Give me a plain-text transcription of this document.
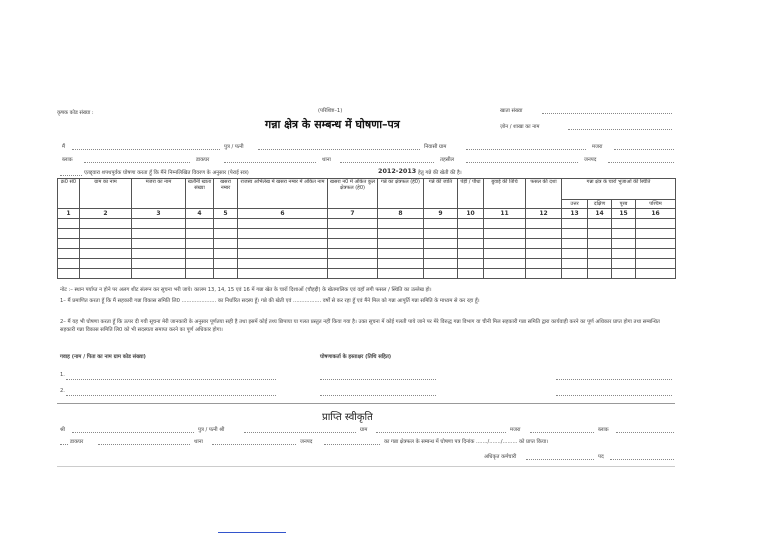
कृषक कोड संख्या :	(परिशिष्ट–1)
गन्ना क्षेत्र के सम्बन्ध में घोषणा–पत्र
खाता संख्या
ज़ोन / शाखा का नाम
मैं	पुत्र / पत्नी	निवासी ग्राम	मजरा
ब्लाक	डाकघर	थाना	तहसील	जनपद
एतद्द्वारा शपथपूर्वक घोषणा करता हूँ कि मैंने निम्नलिखित विवरण के अनुसार (पेराई सत्र)	2012-2013 हेतु गन्ने की खेती की है।
क्र0 सं0	ग्राम का नाम	मजरा का नाम	खतौनी खाता संख्या	खसरा नम्बर	राजस्व अभिलेख में खसरा नम्बर में अंकित नाम	खसरा न0 में अंकित कुल क्षेत्रफल (हे0)	गन्ने का क्षेत्रफल (हे0)	गन्ने की जाति	पेड़ी / पौधा	बुवाई की तिथि	फसल की दशा	गन्ना क्षेत्र के चारों भुजाओं की स्थिति			
												उत्तर	दक्षिण	पूरब	पश्चिम
1	2	3	4	5	6	7	8	9	10	11	12	13	14	15	16

नोट :– स्थान पर्याप्त न होने पर अलग शीट संलग्न कर सूचना भरी जाये। कालम 13, 14, 15 एवं 16 में गन्ना खेत के चारों दिशाओं (चौहद्दी) के खेतमालिक एवं वहाँ लगी फसल / स्थिति का उल्लेख हो।
1– मैं प्रमाणित करता हूँ कि मैं सहकारी गन्ना विकास समिति लि0 ..................... का निर्धारित सदस्य हूँ। गन्ने की खेती एवं ................. वर्षों से कर रहा हूँ एवं मैंने मिल को गन्ना आपूर्ति गन्ना समिति के माध्यम से कर रहा हूँ।
2– मैं यह भी घोषणा करता हूँ कि ऊपर दी गयी सूचना मेरी जानकारी के अनुसार पूर्णतया सही है तथा इसमें कोई तथ्य छिपाया या गलत प्रस्तुत नहीं किया गया है। उक्त सूचना में कोई गलती पाये जाने पर मेरे विरुद्ध गन्ना विभाग या चीनी मिल सहकारी गन्ना समिति द्वारा कार्यवाही करने का पूर्ण अधिकार प्राप्त होगा तथा सम्बन्धित सहकारी गन्ना विकास समिति लि0 को भी सदस्यता समाप्त करने का पूर्ण अधिकार होगा।
गवाह (नाम / पिता का नाम ग्राम कोड संख्या)	घोषणाकर्ता के हस्ताक्षर (तिथि सहित)
1.
2.
प्राप्ति स्वीकृति
श्री	पुत्र / पत्नी श्री	ग्राम	मजरा	ब्लाक
डाकघर	थाना	जनपद	का गन्ना क्षेत्रफल के सम्बन्ध में घोषणा पत्र दिनांक ......./......./......... को प्राप्त किया।
अधिकृत कर्मचारी	पद
